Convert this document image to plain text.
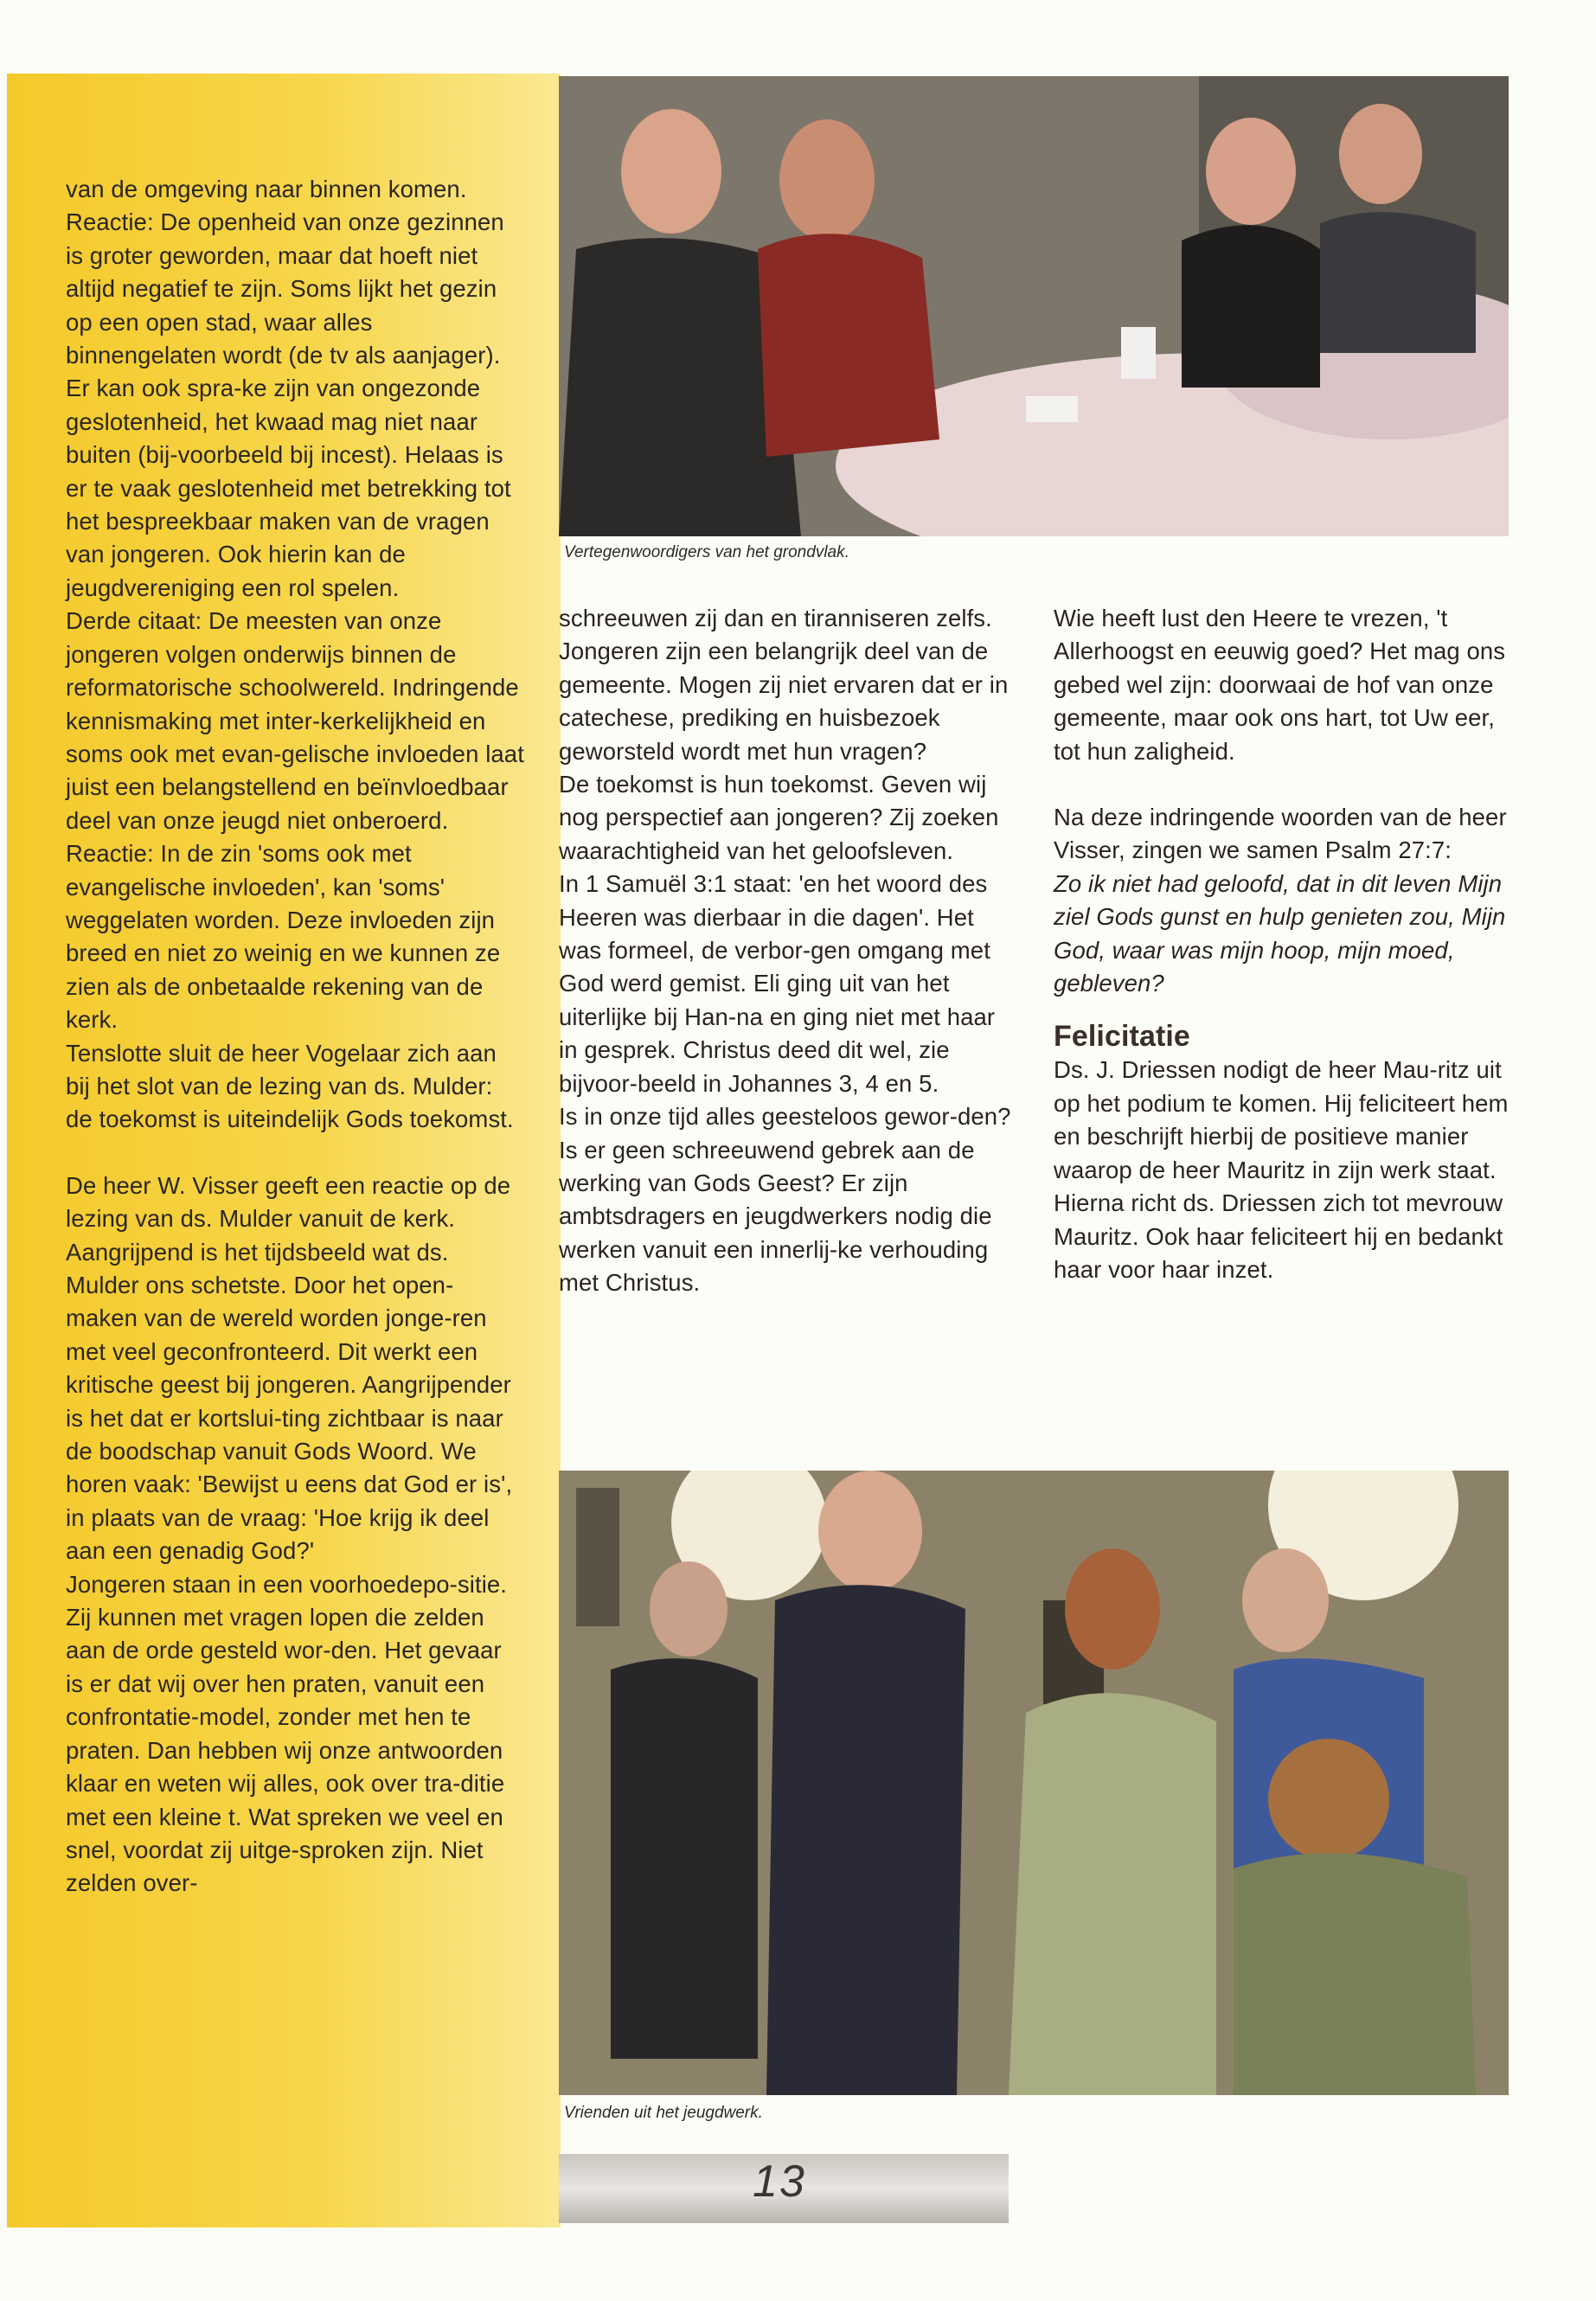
van de omgeving naar binnen komen.

Reactie: De openheid van onze gezinnen is groter geworden, maar dat hoeft niet altijd negatief te zijn. Soms lijkt het gezin op een open stad, waar alles binnengelaten wordt (de tv als aanjager). Er kan ook spra-ke zijn van ongezonde geslotenheid, het kwaad mag niet naar buiten (bij-voorbeeld bij incest). Helaas is er te vaak geslotenheid met betrekking tot het bespreekbaar maken van de vragen van jongeren. Ook hierin kan de jeugdvereniging een rol spelen.

Derde citaat: De meesten van onze jongeren volgen onderwijs binnen de reformatorische schoolwereld. Indringende kennismaking met inter-kerkelijkheid en soms ook met evan-gelische invloeden laat juist een belangstellend en beïnvloedbaar deel van onze jeugd niet onberoerd.

Reactie: In de zin 'soms ook met evangelische invloeden', kan 'soms' weggelaten worden. Deze invloeden zijn breed en niet zo weinig en we kunnen ze zien als de onbetaalde rekening van de kerk.

Tenslotte sluit de heer Vogelaar zich aan bij het slot van de lezing van ds. Mulder: de toekomst is uiteindelijk Gods toekomst.

De heer W. Visser geeft een reactie op de lezing van ds. Mulder vanuit de kerk.

Aangrijpend is het tijdsbeeld wat ds. Mulder ons schetste. Door het open-maken van de wereld worden jonge-ren met veel geconfronteerd. Dit werkt een kritische geest bij jongeren. Aangrijpender is het dat er kortslui-ting zichtbaar is naar de boodschap vanuit Gods Woord. We horen vaak: 'Bewijst u eens dat God er is', in plaats van de vraag: 'Hoe krijg ik deel aan een genadig God?'

Jongeren staan in een voorhoedepo-sitie. Zij kunnen met vragen lopen die zelden aan de orde gesteld wor-den. Het gevaar is er dat wij over hen praten, vanuit een confrontatie-model, zonder met hen te praten. Dan hebben wij onze antwoorden klaar en weten wij alles, ook over tra-ditie met een kleine t. Wat spreken we veel en snel, voordat zij uitge-sproken zijn. Niet zelden over-

Vertegenwoordigers van het grondvlak.

schreeuwen zij dan en tiranniseren zelfs.

Jongeren zijn een belangrijk deel van de gemeente. Mogen zij niet ervaren dat er in catechese, prediking en huisbezoek geworsteld wordt met hun vragen?

De toekomst is hun toekomst. Geven wij nog perspectief aan jongeren? Zij zoeken waarachtigheid van het geloofsleven.

In 1 Samuël 3:1 staat: 'en het woord des Heeren was dierbaar in die dagen'. Het was formeel, de verbor-gen omgang met God werd gemist. Eli ging uit van het uiterlijke bij Han-na en ging niet met haar in gesprek. Christus deed dit wel, zie bijvoor-beeld in Johannes 3, 4 en 5.

Is in onze tijd alles geesteloos gewor-den? Is er geen schreeuwend gebrek aan de werking van Gods Geest? Er zijn ambtsdragers en jeugdwerkers nodig die werken vanuit een innerlij-ke verhouding met Christus.

Wie heeft lust den Heere te vrezen, 't Allerhoogst en eeuwig goed? Het mag ons gebed wel zijn: doorwaai de hof van onze gemeente, maar ook ons hart, tot Uw eer, tot hun zaligheid.

Na deze indringende woorden van de heer Visser, zingen we samen Psalm 27:7:

Zo ik niet had geloofd, dat in dit leven Mijn ziel Gods gunst en hulp genieten zou, Mijn God, waar was mijn hoop, mijn moed, gebleven?

Felicitatie

Ds. J. Driessen nodigt de heer Mau-ritz uit op het podium te komen. Hij feliciteert hem en beschrijft hierbij de positieve manier waarop de heer Mauritz in zijn werk staat. Hierna richt ds. Driessen zich tot mevrouw Mauritz. Ook haar feliciteert hij en bedankt haar voor haar inzet.

Vrienden uit het jeugdwerk.
13
